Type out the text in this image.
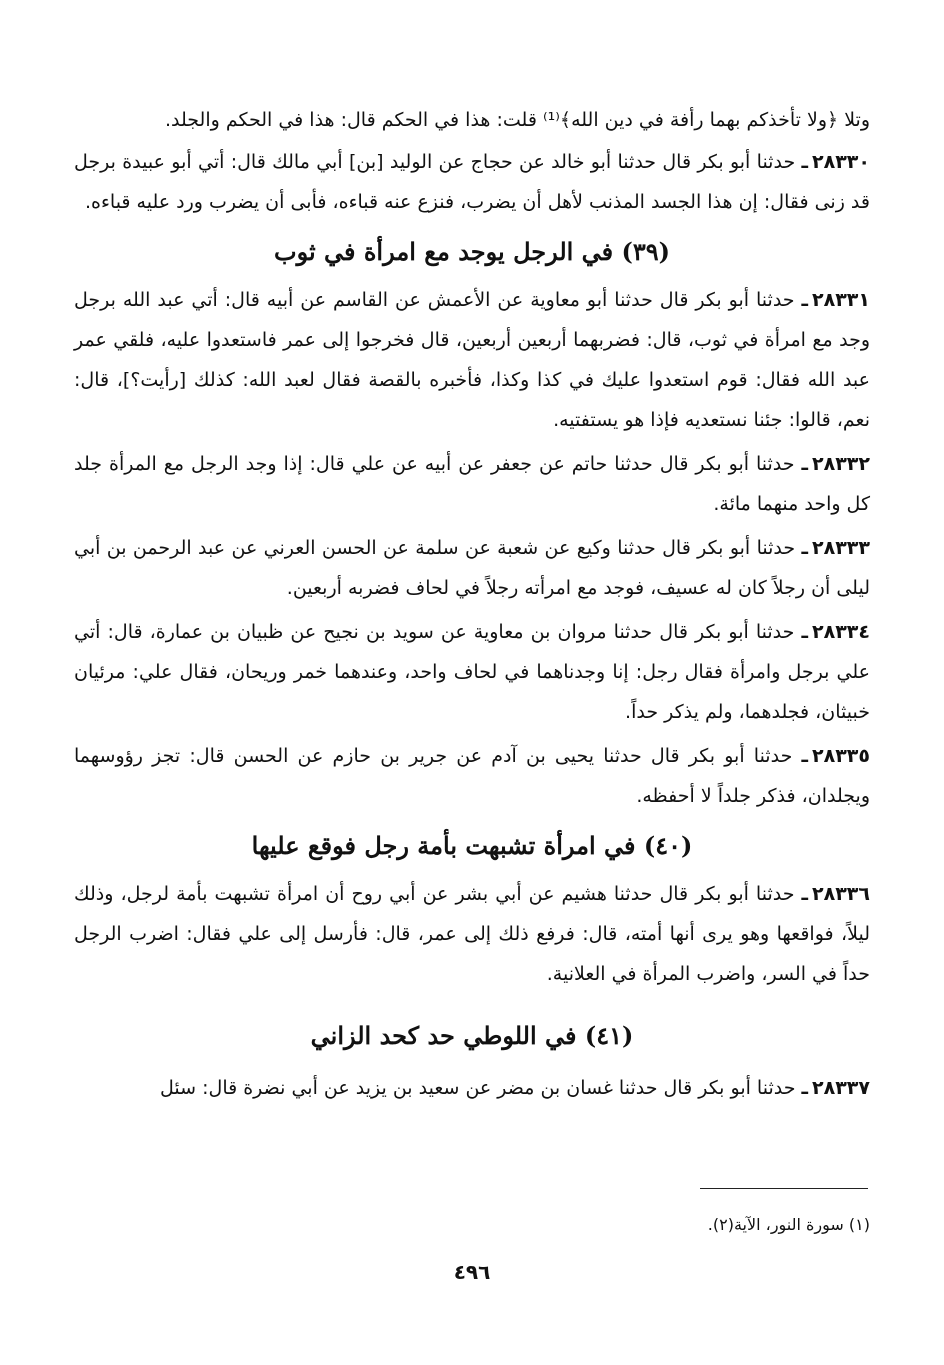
وتلا ﴿ولا تأخذكم بهما رأفة في دين الله﴾⁽¹⁾ قلت: هذا في الحكم قال: هذا في الحكم والجلد.

٢٨٣٣٠ـ حدثنا أبو بكر قال حدثنا أبو خالد عن حجاج عن الوليد [بن] أبي مالك قال: أتي أبو عبيدة برجل قد زنى فقال: إن هذا الجسد المذنب لأهل أن يضرب، فنزع عنه قباءه، فأبى أن يضرب ورد عليه قباءه.

(٣٩) في الرجل يوجد مع امرأة في ثوب

٢٨٣٣١ـ حدثنا أبو بكر قال حدثنا أبو معاوية عن الأعمش عن القاسم عن أبيه قال: أتي عبد الله برجل وجد مع امرأة في ثوب، قال: فضربهما أربعين أربعين، قال فخرجوا إلى عمر فاستعدوا عليه، فلقي عمر عبد الله فقال: قوم استعدوا عليك في كذا وكذا، فأخبره بالقصة فقال لعبد الله: كذلك [رأيت؟]، قال: نعم، قالوا: جئنا نستعديه فإذا هو يستفتيه.

٢٨٣٣٢ـ حدثنا أبو بكر قال حدثنا حاتم عن جعفر عن أبيه عن علي قال: إذا وجد الرجل مع المرأة جلد كل واحد منهما مائة.

٢٨٣٣٣ـ حدثنا أبو بكر قال حدثنا وكيع عن شعبة عن سلمة عن الحسن العرني عن عبد الرحمن بن أبي ليلى أن رجلاً كان له عسيف، فوجد مع امرأته رجلاً في لحاف فضربه أربعين.

٢٨٣٣٤ـ حدثنا أبو بكر قال حدثنا مروان بن معاوية عن سويد بن نجيح عن ظبيان بن عمارة، قال: أتي علي برجل وامرأة فقال رجل: إنا وجدناهما في لحاف واحد، وعندهما خمر وريحان، فقال علي: مرئيان خبيثان، فجلدهما، ولم يذكر حداً.

٢٨٣٣٥ـ حدثنا أبو بكر قال حدثنا يحيى بن آدم عن جرير بن حازم عن الحسن قال: تجز رؤوسهما ويجلدان، فذكر جلداً لا أحفظه.

(٤٠) في امرأة تشبهت بأمة رجل فوقع عليها

٢٨٣٣٦ـ حدثنا أبو بكر قال حدثنا هشيم عن أبي بشر عن أبي روح أن امرأة تشبهت بأمة لرجل، وذلك ليلاً، فواقعها وهو يرى أنها أمته، قال: فرفع ذلك إلى عمر، قال: فأرسل إلى علي فقال: اضرب الرجل حداً في السر، واضرب المرأة في العلانية.

(٤١) في اللوطي حد كحد الزاني

٢٨٣٣٧ـ حدثنا أبو بكر قال حدثنا غسان بن مضر عن سعيد بن يزيد عن أبي نضرة قال: سئل

(١) سورة النور، الآية(٢).
٤٩٦
